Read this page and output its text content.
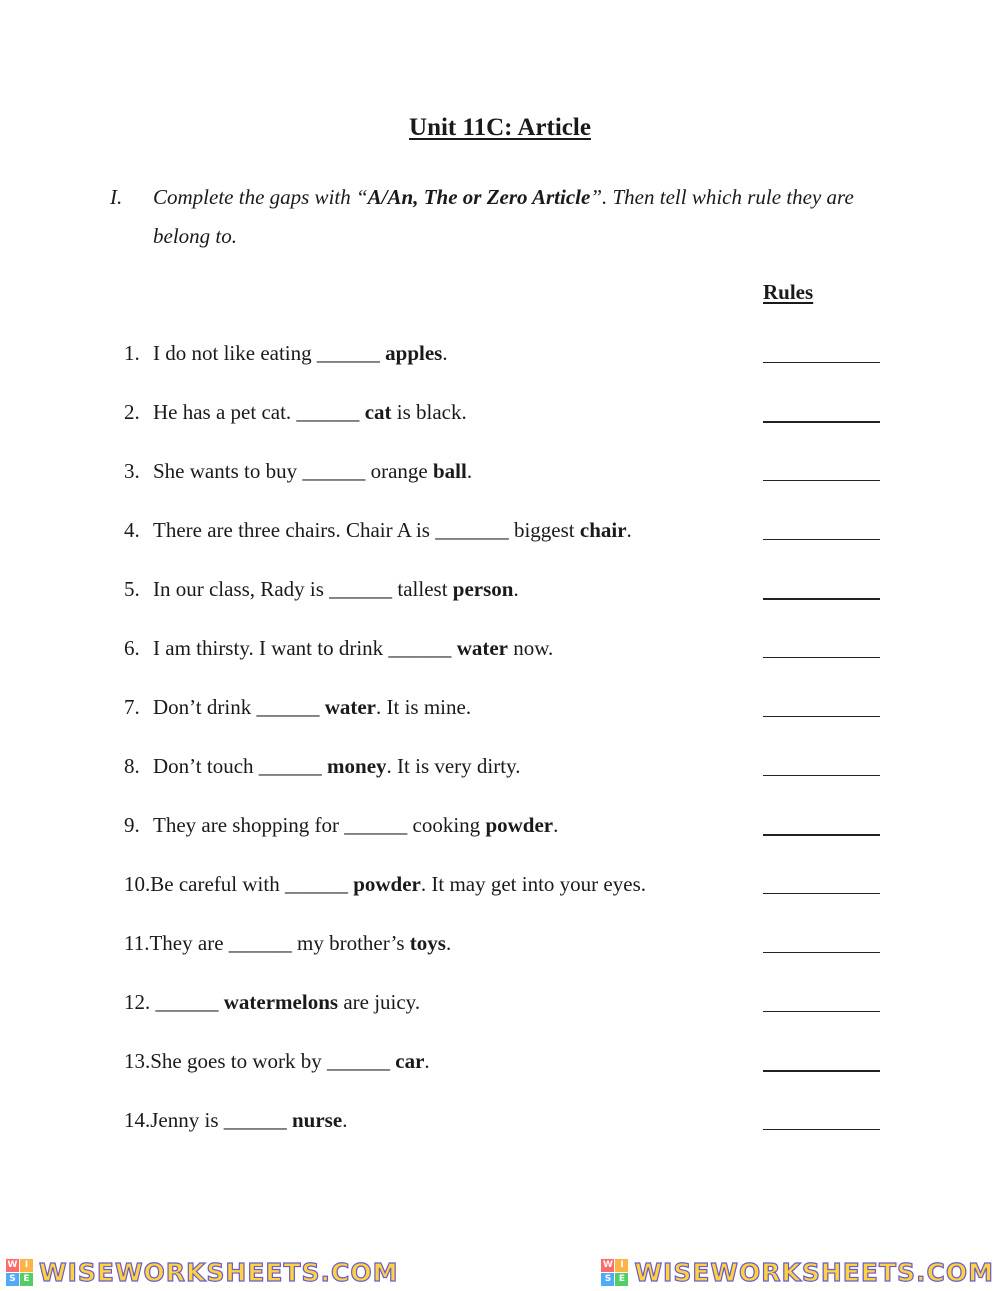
Unit 11C: Article
I. Complete the gaps with “A/An, The or Zero Article”. Then tell which rule they are belong to.
Rules
1. I do not like eating ______ apples.
2. He has a pet cat. ______ cat is black.
3. She wants to buy ______ orange ball.
4. There are three chairs. Chair A is _______ biggest chair.
5. In our class, Rady is ______ tallest person.
6. I am thirsty. I want to drink ______ water now.
7. Don’t drink ______ water. It is mine.
8. Don’t touch ______ money. It is very dirty.
9. They are shopping for ______ cooking powder.
10.Be careful with ______ powder. It may get into your eyes.
11.They are ______ my brother’s toys.
12. ______ watermelons are juicy.
13.She goes to work by ______ car.
14.Jenny is ______ nurse.
W I
S E WISEWORKSHEETS.COM	W I
S E WISEWORKSHEETS.COM
